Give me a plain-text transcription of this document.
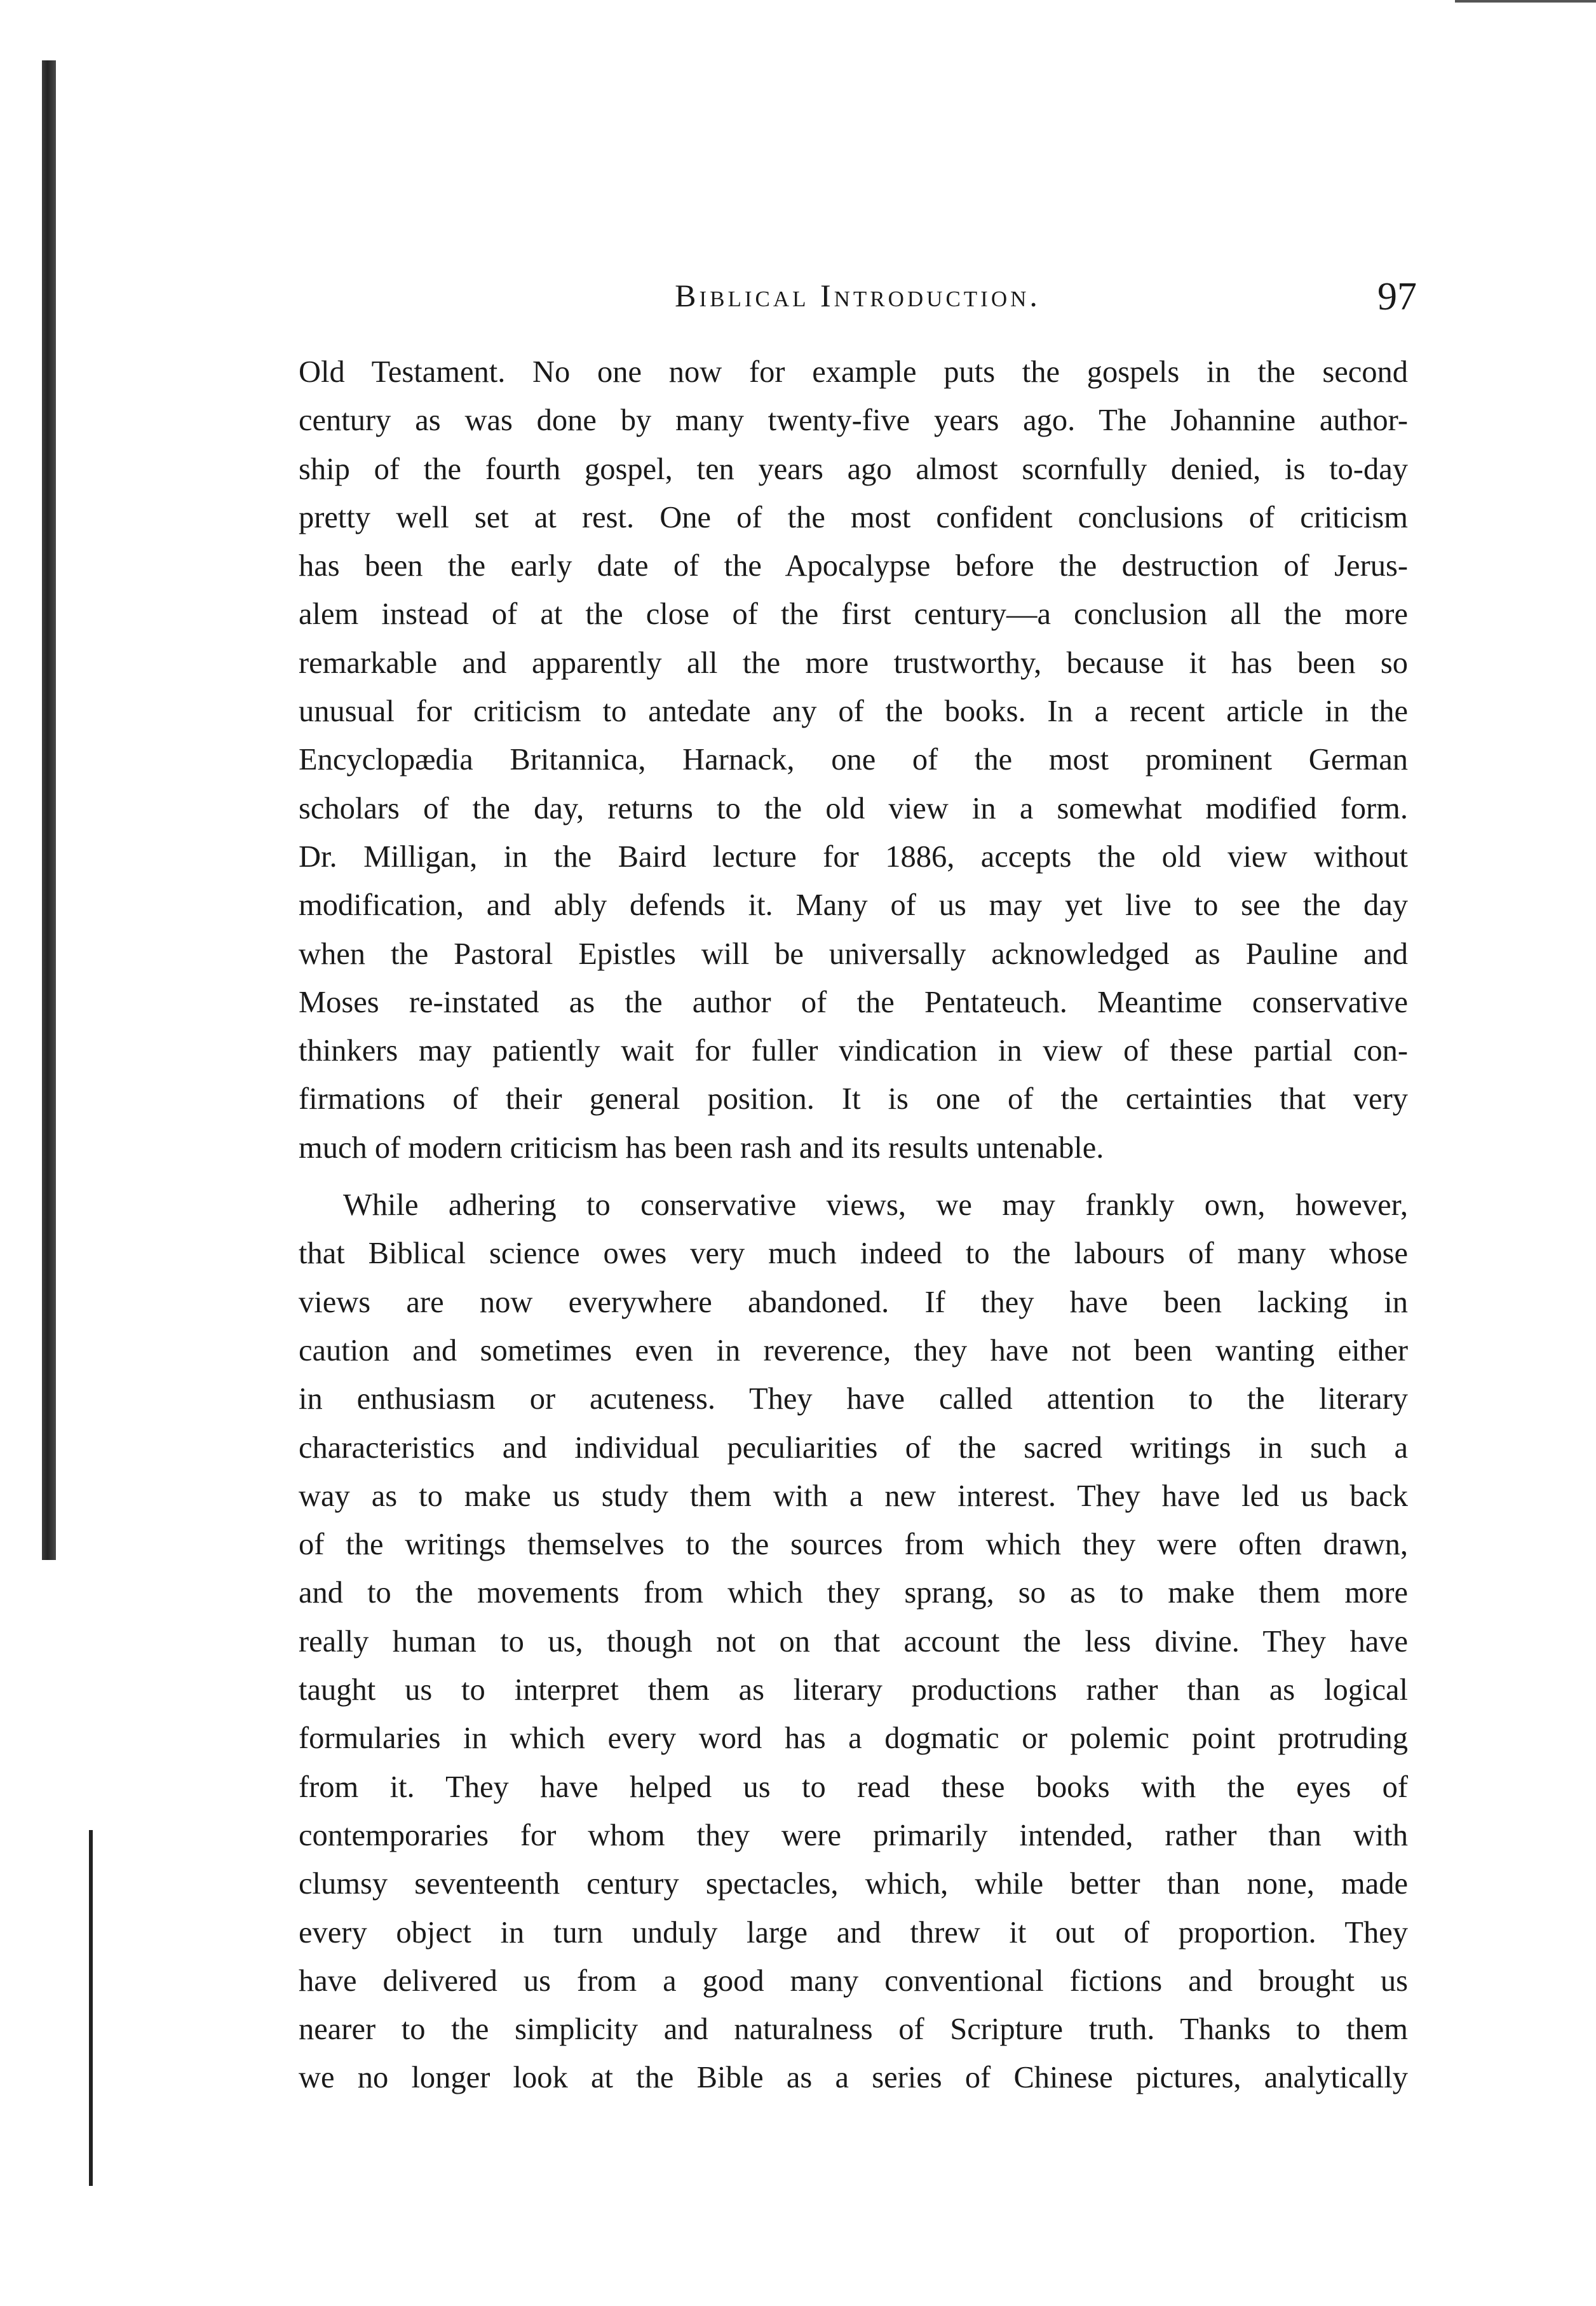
Biblical Introduction.	97

Old Testament. No one now for example puts the gospels in the second
century as was done by many twenty-five years ago. The Johannine author-
ship of the fourth gospel, ten years ago almost scornfully denied, is to-day
pretty well set at rest. One of the most confident conclusions of criticism
has been the early date of the Apocalypse before the destruction of Jerus-
alem instead of at the close of the first century—a conclusion all the more
remarkable and apparently all the more trustworthy, because it has been so
unusual for criticism to antedate any of the books. In a recent article in the
Encyclopædia Britannica, Harnack, one of the most prominent German
scholars of the day, returns to the old view in a somewhat modified form.
Dr. Milligan, in the Baird lecture for 1886, accepts the old view without
modification, and ably defends it. Many of us may yet live to see the day
when the Pastoral Epistles will be universally acknowledged as Pauline and
Moses re-instated as the author of the Pentateuch. Meantime conservative
thinkers may patiently wait for fuller vindication in view of these partial con-
firmations of their general position. It is one of the certainties that very
much of modern criticism has been rash and its results untenable.

While adhering to conservative views, we may frankly own, however,
that Biblical science owes very much indeed to the labours of many whose
views are now everywhere abandoned. If they have been lacking in
caution and sometimes even in reverence, they have not been wanting either
in enthusiasm or acuteness. They have called attention to the literary
characteristics and individual peculiarities of the sacred writings in such a
way as to make us study them with a new interest. They have led us back
of the writings themselves to the sources from which they were often drawn,
and to the movements from which they sprang, so as to make them more
really human to us, though not on that account the less divine. They have
taught us to interpret them as literary productions rather than as logical
formularies in which every word has a dogmatic or polemic point protruding
from it. They have helped us to read these books with the eyes of
contemporaries for whom they were primarily intended, rather than with
clumsy seventeenth century spectacles, which, while better than none, made
every object in turn unduly large and threw it out of proportion. They
have delivered us from a good many conventional fictions and brought us
nearer to the simplicity and naturalness of Scripture truth. Thanks to them
we no longer look at the Bible as a series of Chinese pictures, analytically
